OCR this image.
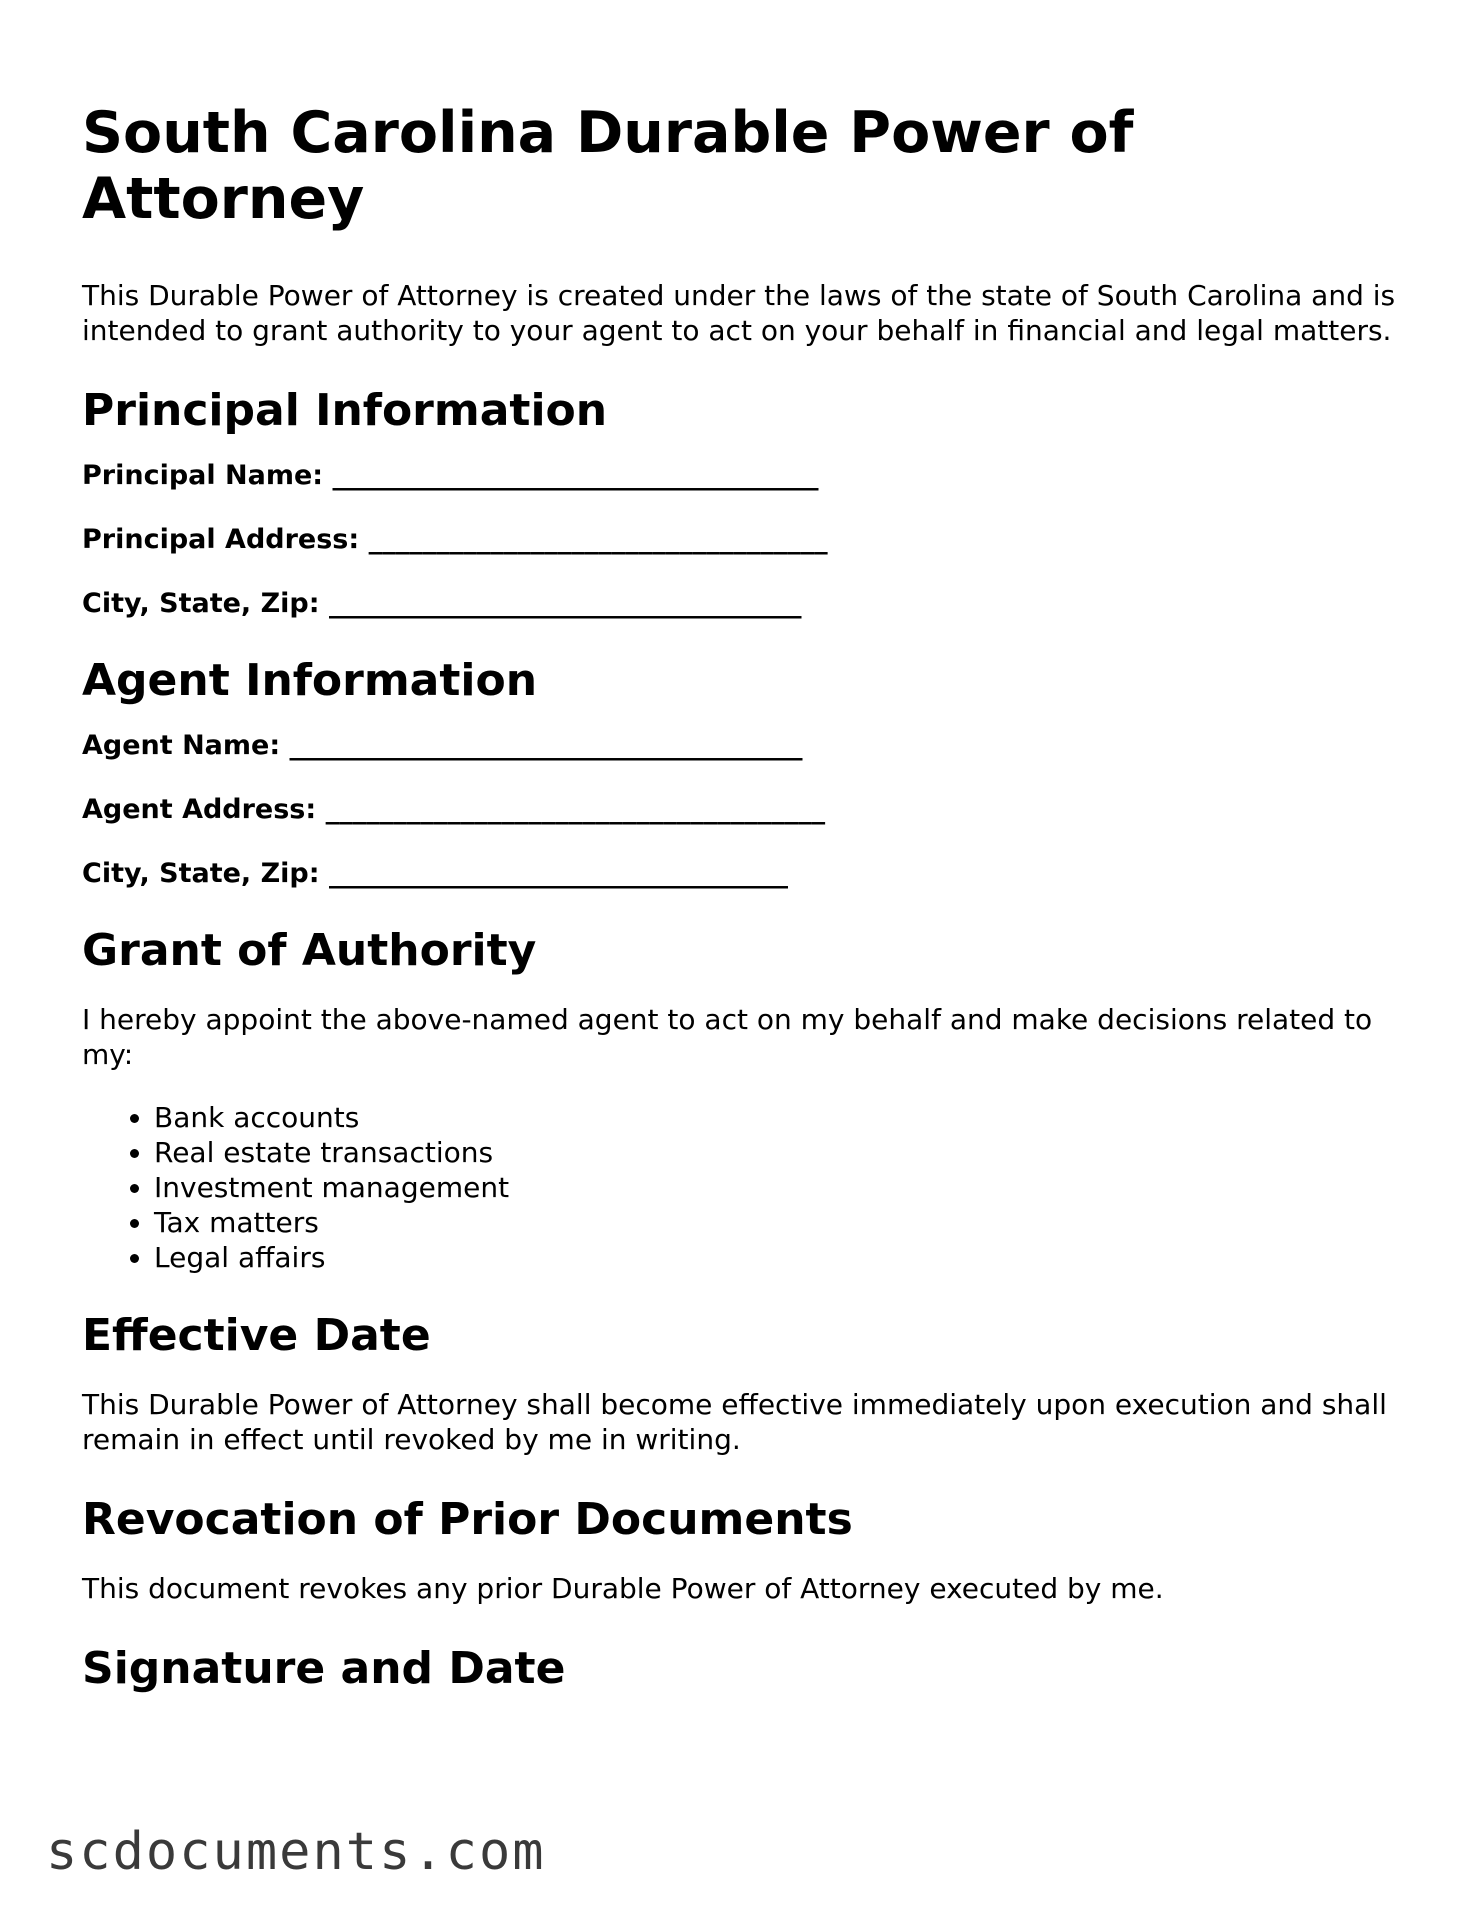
South Carolina Durable Power of Attorney

This Durable Power of Attorney is created under the laws of the state of South Carolina and is intended to grant authority to your agent to act on your behalf in financial and legal matters.

Principal Information
Principal Name: ____________________________________
Principal Address: __________________________________
City, State, Zip: ___________________________________
Agent Information
Agent Name: ______________________________________
Agent Address: _____________________________________
City, State, Zip: __________________________________
Grant of Authority

I hereby appoint the above-named agent to act on my behalf and make decisions related to my:

• Bank accounts
• Real estate transactions
• Investment management
• Tax matters
• Legal affairs
Effective Date

This Durable Power of Attorney shall become effective immediately upon execution and shall remain in effect until revoked by me in writing.

Revocation of Prior Documents

This document revokes any prior Durable Power of Attorney executed by me.

Signature and Date
scdocuments.com
